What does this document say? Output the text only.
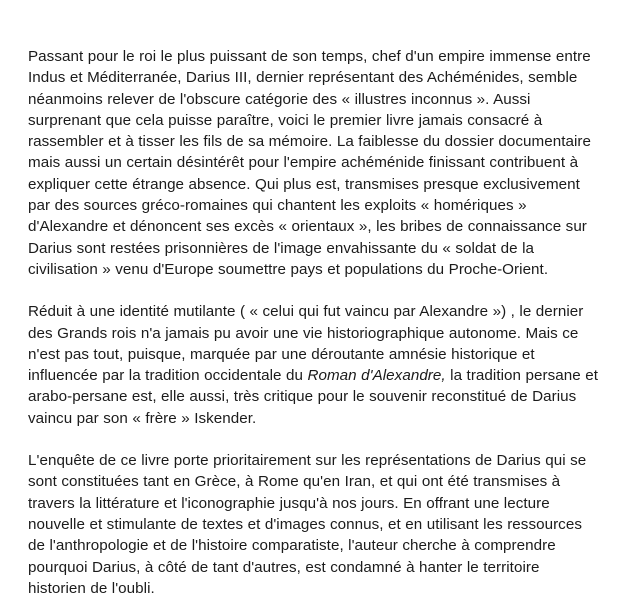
Passant pour le roi le plus puissant de son temps, chef d'un empire immense entre Indus et Méditerranée, Darius III, dernier représentant des Achéménides, semble néanmoins relever de l'obscure catégorie des « illustres inconnus ». Aussi surprenant que cela puisse paraître, voici le premier livre jamais consacré à rassembler et à tisser les fils de sa mémoire. La faiblesse du dossier documentaire mais aussi un certain désintérêt pour l'empire achéménide finissant contribuent à expliquer cette étrange absence. Qui plus est, transmises presque exclusivement par des sources gréco-romaines qui chantent les exploits « homériques » d'Alexandre et dénoncent ses excès « orientaux », les bribes de connaissance sur Darius sont restées prisonnières de l'image envahissante du « soldat de la civilisation » venu d'Europe soumettre pays et populations du Proche-Orient.

Réduit à une identité mutilante ( « celui qui fut vaincu par Alexandre ») , le dernier des Grands rois n'a jamais pu avoir une vie historiographique autonome. Mais ce n'est pas tout, puisque, marquée par une déroutante amnésie historique et influencée par la tradition occidentale du Roman d'Alexandre, la tradition persane et arabo-persane est, elle aussi, très critique pour le souvenir reconstitué de Darius vaincu par son « frère » Iskender.

L'enquête de ce livre porte prioritairement sur les représentations de Darius qui se sont constituées tant en Grèce, à Rome qu'en Iran, et qui ont été transmises à travers la littérature et l'iconographie jusqu'à nos jours. En offrant une lecture nouvelle et stimulante de textes et d'images connus, et en utilisant les ressources de l'anthropologie et de l'histoire comparatiste, l'auteur cherche à comprendre pourquoi Darius, à côté de tant d'autres, est condamné à hanter le territoire historien de l'oubli.
